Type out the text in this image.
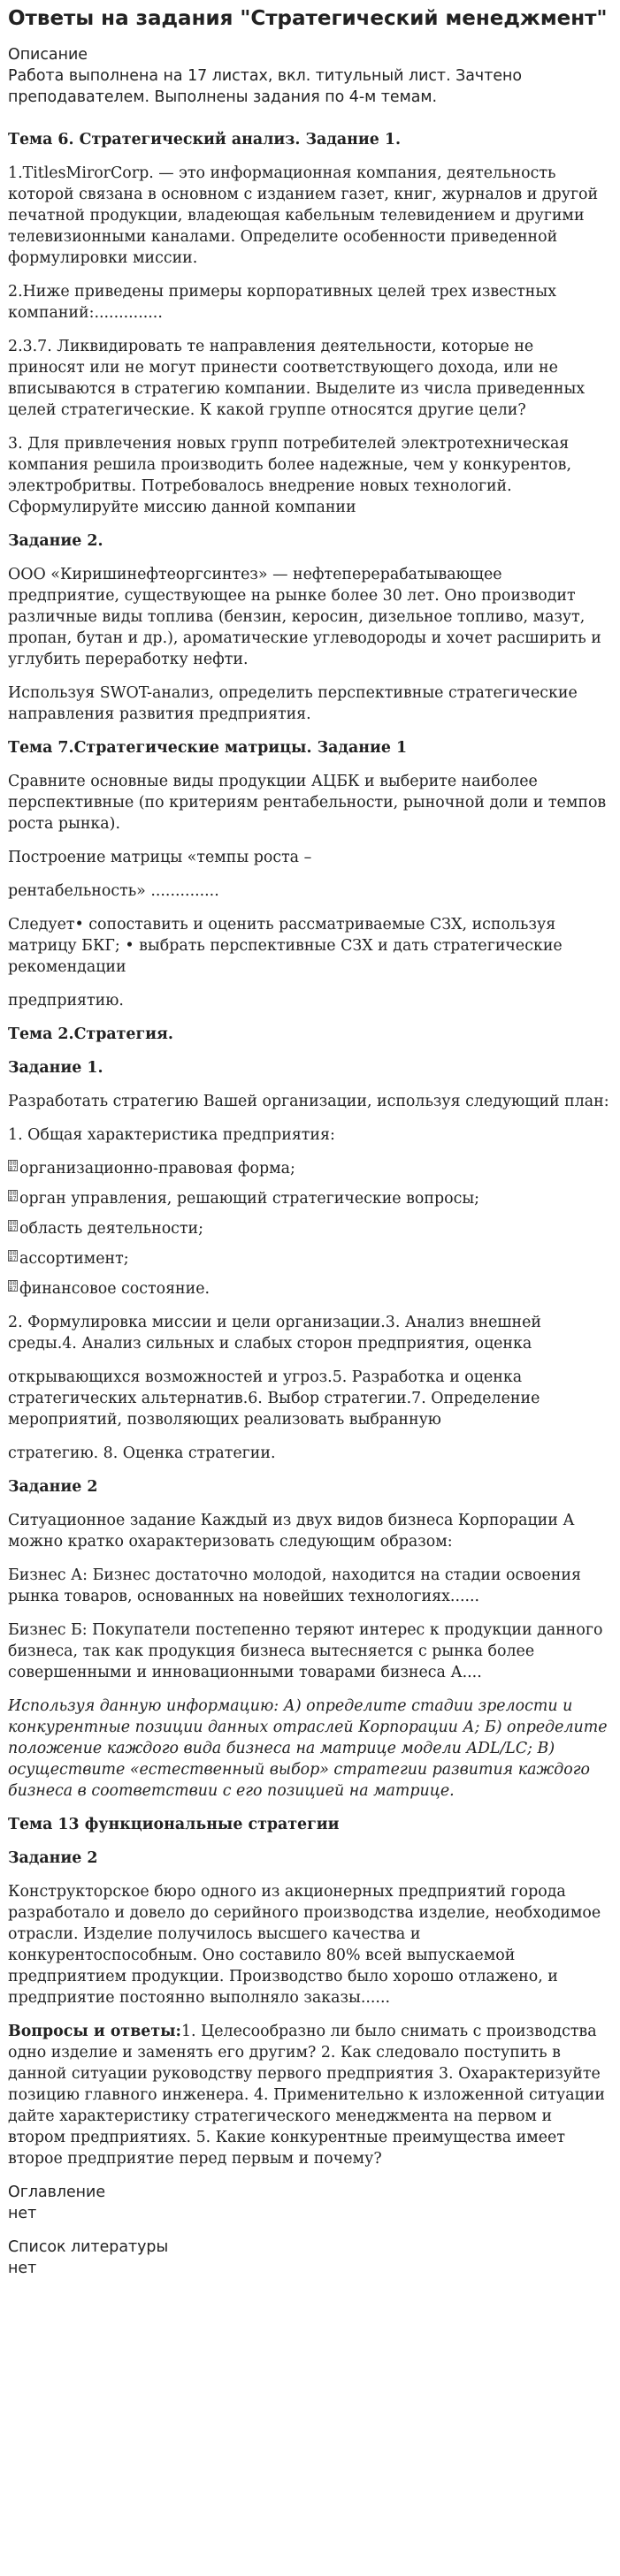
Ответы на задания "Стратегический менеджмент"
Описание
Работа выполнена на 17 листах, вкл. титульный лист. Зачтено преподавателем. Выполнены задания по 4-м темам.

Тема 6. Стратегический анализ. Задание 1.

1.TitlesMirorCorp. — это информационная компания, деятельность которой связана в основном с изданием газет, книг, журналов и другой печатной продукции, владеющая кабельным телевидением и другими телевизионными каналами. Определите особенности приведенной формулировки миссии.

2.Ниже приведены примеры корпоративных целей трех известных компаний:..............

2.3.7. Ликвидировать те направления деятельности, которые не приносят или не могут принести соответствующего дохода, или не вписываются в стратегию компании. Выделите из числа приведенных целей стратегические. К какой группе относятся другие цели?

3. Для привлечения новых групп потребителей электротехническая компания решила производить более надежные, чем у конкурентов, электробритвы. Потребовалось внедрение новых технологий. Сформулируйте миссию данной компании

Задание 2.

ООО «Киришинефтеоргсинтез» — нефтеперерабатывающее предприятие, существующее на рынке более 30 лет. Оно производит различные виды топлива (бензин, керосин, дизельное топливо, мазут, пропан, бутан и др.), ароматические углеводороды и хочет расширить и углубить переработку нефти.

Используя SWOT-анализ, определить перспективные стратегические направления развития предприятия.

Тема 7.Стратегические матрицы. Задание 1

Сравните основные виды продукции АЦБК и выберите наиболее перспективные (по критериям рентабельности, рыночной доли и темпов роста рынка).

Построение матрицы «темпы роста –

рентабельность» ..............

Следует• сопоставить и оценить рассматриваемые СЗХ, используя матрицу БКГ; • выбрать перспективные СЗХ и дать стратегические рекомендации

предприятию.

Тема 2.Стратегия.

Задание 1.

Разработать стратегию Вашей организации, используя следующий план:

1. Общая характеристика предприятия:

00
B7 организационно-правовая форма;

00
B7 орган управления, решающий стратегические вопросы;

00
B7 область деятельности;

00
B7 ассортимент;

00
B7 финансовое состояние.

2. Формулировка миссии и цели организации.3. Анализ внешней среды.4. Анализ сильных и слабых сторон предприятия, оценка

открывающихся возможностей и угроз.5. Разработка и оценка стратегических альтернатив.6. Выбор стратегии.7. Определение мероприятий, позволяющих реализовать выбранную

стратегию. 8. Оценка стратегии.

Задание 2

Ситуационное задание Каждый из двух видов бизнеса Корпорации А можно кратко охарактеризовать следующим образом:

Бизнес А: Бизнес достаточно молодой, находится на стадии освоения рынка товаров, основанных на новейших технологиях......

Бизнес Б: Покупатели постепенно теряют интерес к продукции данного бизнеса, так как продукция бизнеса вытесняется с рынка более совершенными и инновационными товарами бизнеса А....

Используя данную информацию: А) определите стадии зрелости и конкурентные позиции данных отраслей Корпорации А; Б) определите положение каждого вида бизнеса на матрице модели ADL/LC; В) осуществите «естественный выбор» стратегии развития каждого бизнеса в соответствии с его позицией на матрице.

Тема 13 функциональные стратегии

Задание 2

Конструкторское бюро одного из акционерных предприятий города разработало и довело до серийного производства изделие, необходимое отрасли. Изделие получилось высшего качества и конкурентоспособным. Оно составило 80% всей выпускаемой предприятием продукции. Производство было хорошо отлажено, и предприятие постоянно выполняло заказы......

Вопросы и ответы:1. Целесообразно ли было снимать с производства одно изделие и заменять его другим? 2. Как следовало поступить в данной ситуации руководству первого предприятия 3. Охарактеризуйте позицию главного инженера. 4. Применительно к изложенной ситуации дайте характеристику стратегического менеджмента на первом и втором предприятиях. 5. Какие конкурентные преимущества имеет второе предприятие перед первым и почему?

Оглавление
нет
Список литературы
нет
